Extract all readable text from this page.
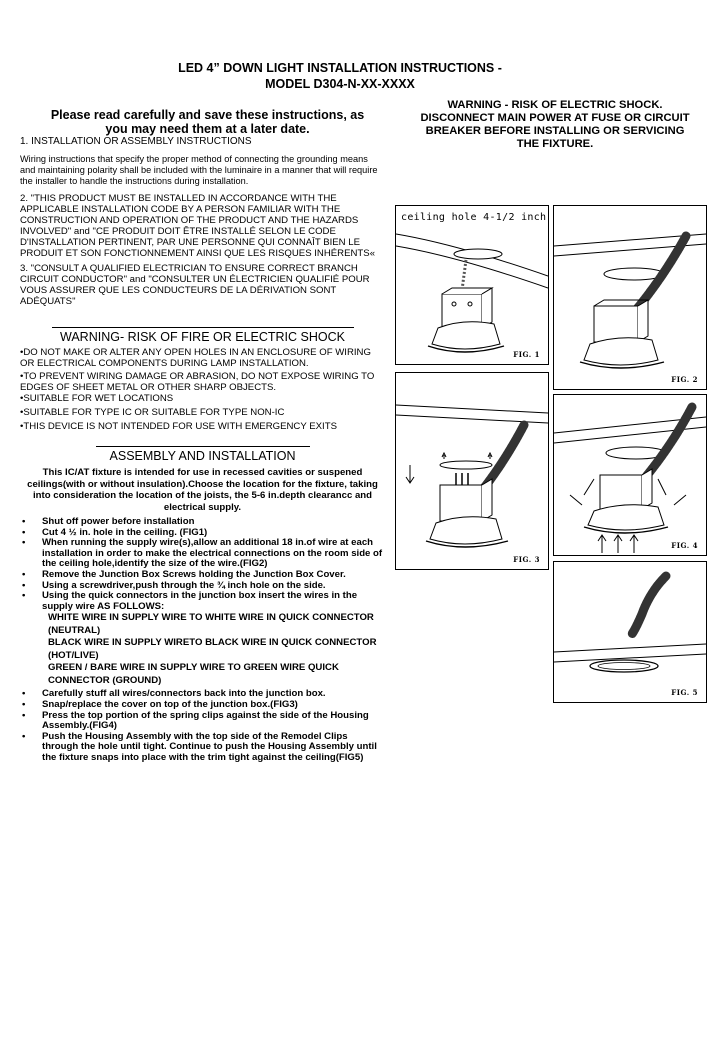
LED 4” DOWN LIGHT INSTALLATION INSTRUCTIONS -
MODEL D304-N-XX-XXXX
Please read carefully and save these instructions, as
you may need them at a later date.
1. INSTALLATION OR ASSEMBLY INSTRUCTIONS
Wiring instructions that specify the proper method of connecting the grounding means and maintaining polarity shall be included with the luminaire in a manner that will require the installer to handle the instructions during installation.
2. "THIS PRODUCT MUST BE INSTALLED IN ACCORDANCE WITH THE APPLICABLE INSTALLATION CODE BY A PERSON FAMILIAR WITH THE CONSTRUCTION AND OPERATION OF THE PRODUCT AND THE HAZARDS INVOLVED" and "CE PRODUIT DOIT ÊTRE INSTALLÉ SELON LE CODE D'INSTALLATION PERTINENT, PAR UNE PERSONNE QUI CONNAÎT BIEN LE PRODUIT ET SON FONCTIONNEMENT AINSI QUE LES RISQUES INHÉRENTS«
3. "CONSULT A QUALIFIED ELECTRICIAN TO ENSURE CORRECT BRANCH CIRCUIT CONDUCTOR" and "CONSULTER UN ÉLECTRICIEN QUALIFIÉ POUR VOUS ASSURER QUE LES CONDUCTEURS DE LA DÉRIVATION SONT ADÉQUATS"
WARNING- RISK OF FIRE OR ELECTRIC SHOCK
•DO NOT MAKE OR ALTER ANY OPEN HOLES IN AN ENCLOSURE OF WIRING OR ELECTRICAL COMPONENTS DURING LAMP INSTALLATION.
•TO PREVENT WIRING DAMAGE OR ABRASION, DO NOT EXPOSE WIRING TO EDGES OF SHEET METAL OR OTHER SHARP OBJECTS.
•SUITABLE FOR WET LOCATIONS
•SUITABLE FOR TYPE IC OR SUITABLE FOR TYPE NON-IC
•THIS DEVICE IS NOT INTENDED FOR USE WITH EMERGENCY EXITS
ASSEMBLY AND INSTALLATION
This IC/AT fixture is intended for use in recessed cavities or suspened ceilings(with or without insulation).Choose the location for the fixture, taking into consideration the location of the joists, the 5-6 in.depth clearancc and electrical supply.
• Shut off power before installation
• Cut 4 ½ in. hole in the ceiling. (FIG1)
• When running the supply wire(s),allow an additional 18 in.of wire at each installation in order to make the electrical connections on the room side of the ceiling hole,identify the size of the wire.(FIG2)
• Remove the Junction Box Screws holding the Junction Box Cover.
• Using a screwdriver,push through the ¾ inch hole on the side.
• Using the quick connectors in the junction box insert the wires in the supply wire AS FOLLOWS:
WHITE WIRE IN SUPPLY WIRE TO WHITE WIRE IN QUICK CONNECTOR (NEUTRAL)
BLACK WIRE IN SUPPLY WIRETO BLACK WIRE IN QUICK CONNECTOR (HOT/LIVE)
GREEN / BARE WIRE IN SUPPLY WIRE TO GREEN WIRE QUICK CONNECTOR (GROUND)
• Carefully stuff all wires/connectors back into the junction box.
• Snap/replace the cover on top of the junction box.(FIG3)
• Press the top portion of the spring clips against the side of the Housing Assembly.(FIG4)
• Push the Housing Assembly with the top side of the Remodel Clips through the hole until tight. Continue to push the Housing Assembly until the fixture snaps into place with the trim tight against the ceiling(FIG5)
WARNING - RISK OF ELECTRIC SHOCK.
DISCONNECT MAIN POWER AT FUSE OR CIRCUIT
BREAKER BEFORE INSTALLING OR SERVICING
THE FIXTURE.
ceiling hole 4-1/2 inch
FIG. 1
FIG. 2
FIG. 3
FIG. 4
FIG. 5
